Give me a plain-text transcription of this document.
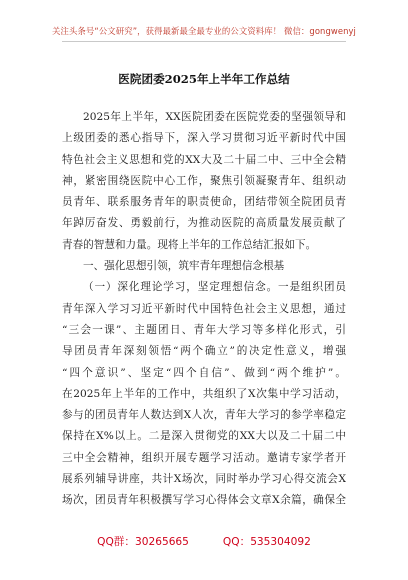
关注头条号“公文研究”，获得最新最全最专业的公文资料库！ 微信：gongwenyj
医院团委2025年上半年工作总结
2025年上半年，XX医院团委在医院党委的坚强领导和
上级团委的悉心指导下，深入学习贯彻习近平新时代中国
特色社会主义思想和党的XX大及二十届二中、三中全会精
神，紧密围绕医院中心工作，聚焦引领凝聚青年、组织动
员青年、联系服务青年的职责使命，团结带领全院团员青
年踔厉奋发、勇毅前行，为推动医院的高质量发展贡献了
青春的智慧和力量。现将上半年的工作总结汇报如下。
一、强化思想引领，筑牢青年理想信念根基
（一）深化理论学习，坚定理想信念。一是组织团员
青年深入学习习近平新时代中国特色社会主义思想，通过
“三会一课”、主题团日、青年大学习等多样化形式，引
导团员青年深刻领悟“两个确立”的决定性意义，增强
“四个意识”、坚定“四个自信”、做到“两个维护”。
在2025年上半年的工作中，共组织了X次集中学习活动，
参与的团员青年人数达到X人次，青年大学习的参学率稳定
保持在X%以上。二是深入贯彻党的XX大以及二十届二中
三中全会精神，组织开展专题学习活动。邀请专家学者开
展系列辅导讲座，共计X场次，同时举办学习心得交流会X
场次，团员青年积极撰写学习心得体会文章X余篇，确保全
QQ群：30265665	QQ：535304092
